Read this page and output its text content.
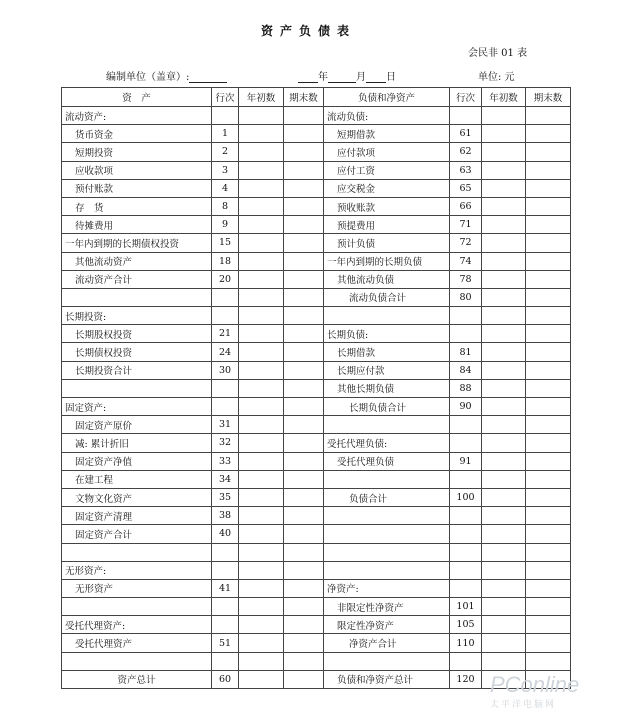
资产负债表
会民非 01 表
编制单位（盖章）:	年	月 日	单位: 元
资　产	行次	年初数	期末数	负债和净资产	行次	年初数	期末数
流动资产:				流动负债:			
货币资金	1			短期借款	61		
短期投资	2			应付款项	62		
应收款项	3			应付工资	63		
预付账款	4			应交税金	65		
存　货	8			预收账款	66		
待摊费用	9			预提费用	71		
一年内到期的长期债权投资	15			预计负债	72		
其他流动资产	18			一年内到期的长期负债	74		
流动资产合计	20			其他流动负债	78		
				流动负债合计	80		
长期投资:							
长期股权投资	21			长期负债:			
长期债权投资	24			长期借款	81		
长期投资合计	30			长期应付款	84		
				其他长期负债	88		
固定资产:				长期负债合计	90		
固定资产原价	31						
减: 累计折旧	32			受托代理负债:			
固定资产净值	33			受托代理负债	91		
在建工程	34						
文物文化资产	35			负债合计	100		
固定资产清理	38						
固定资产合计	40						

无形资产:							
无形资产	41			净资产:			
				非限定性净资产	101		
受托代理资产:				限定性净资产	105		
受托代理资产	51			净资产合计	110		

资产总计	60			负债和净资产总计	120		PConline
太平洋电脑网
